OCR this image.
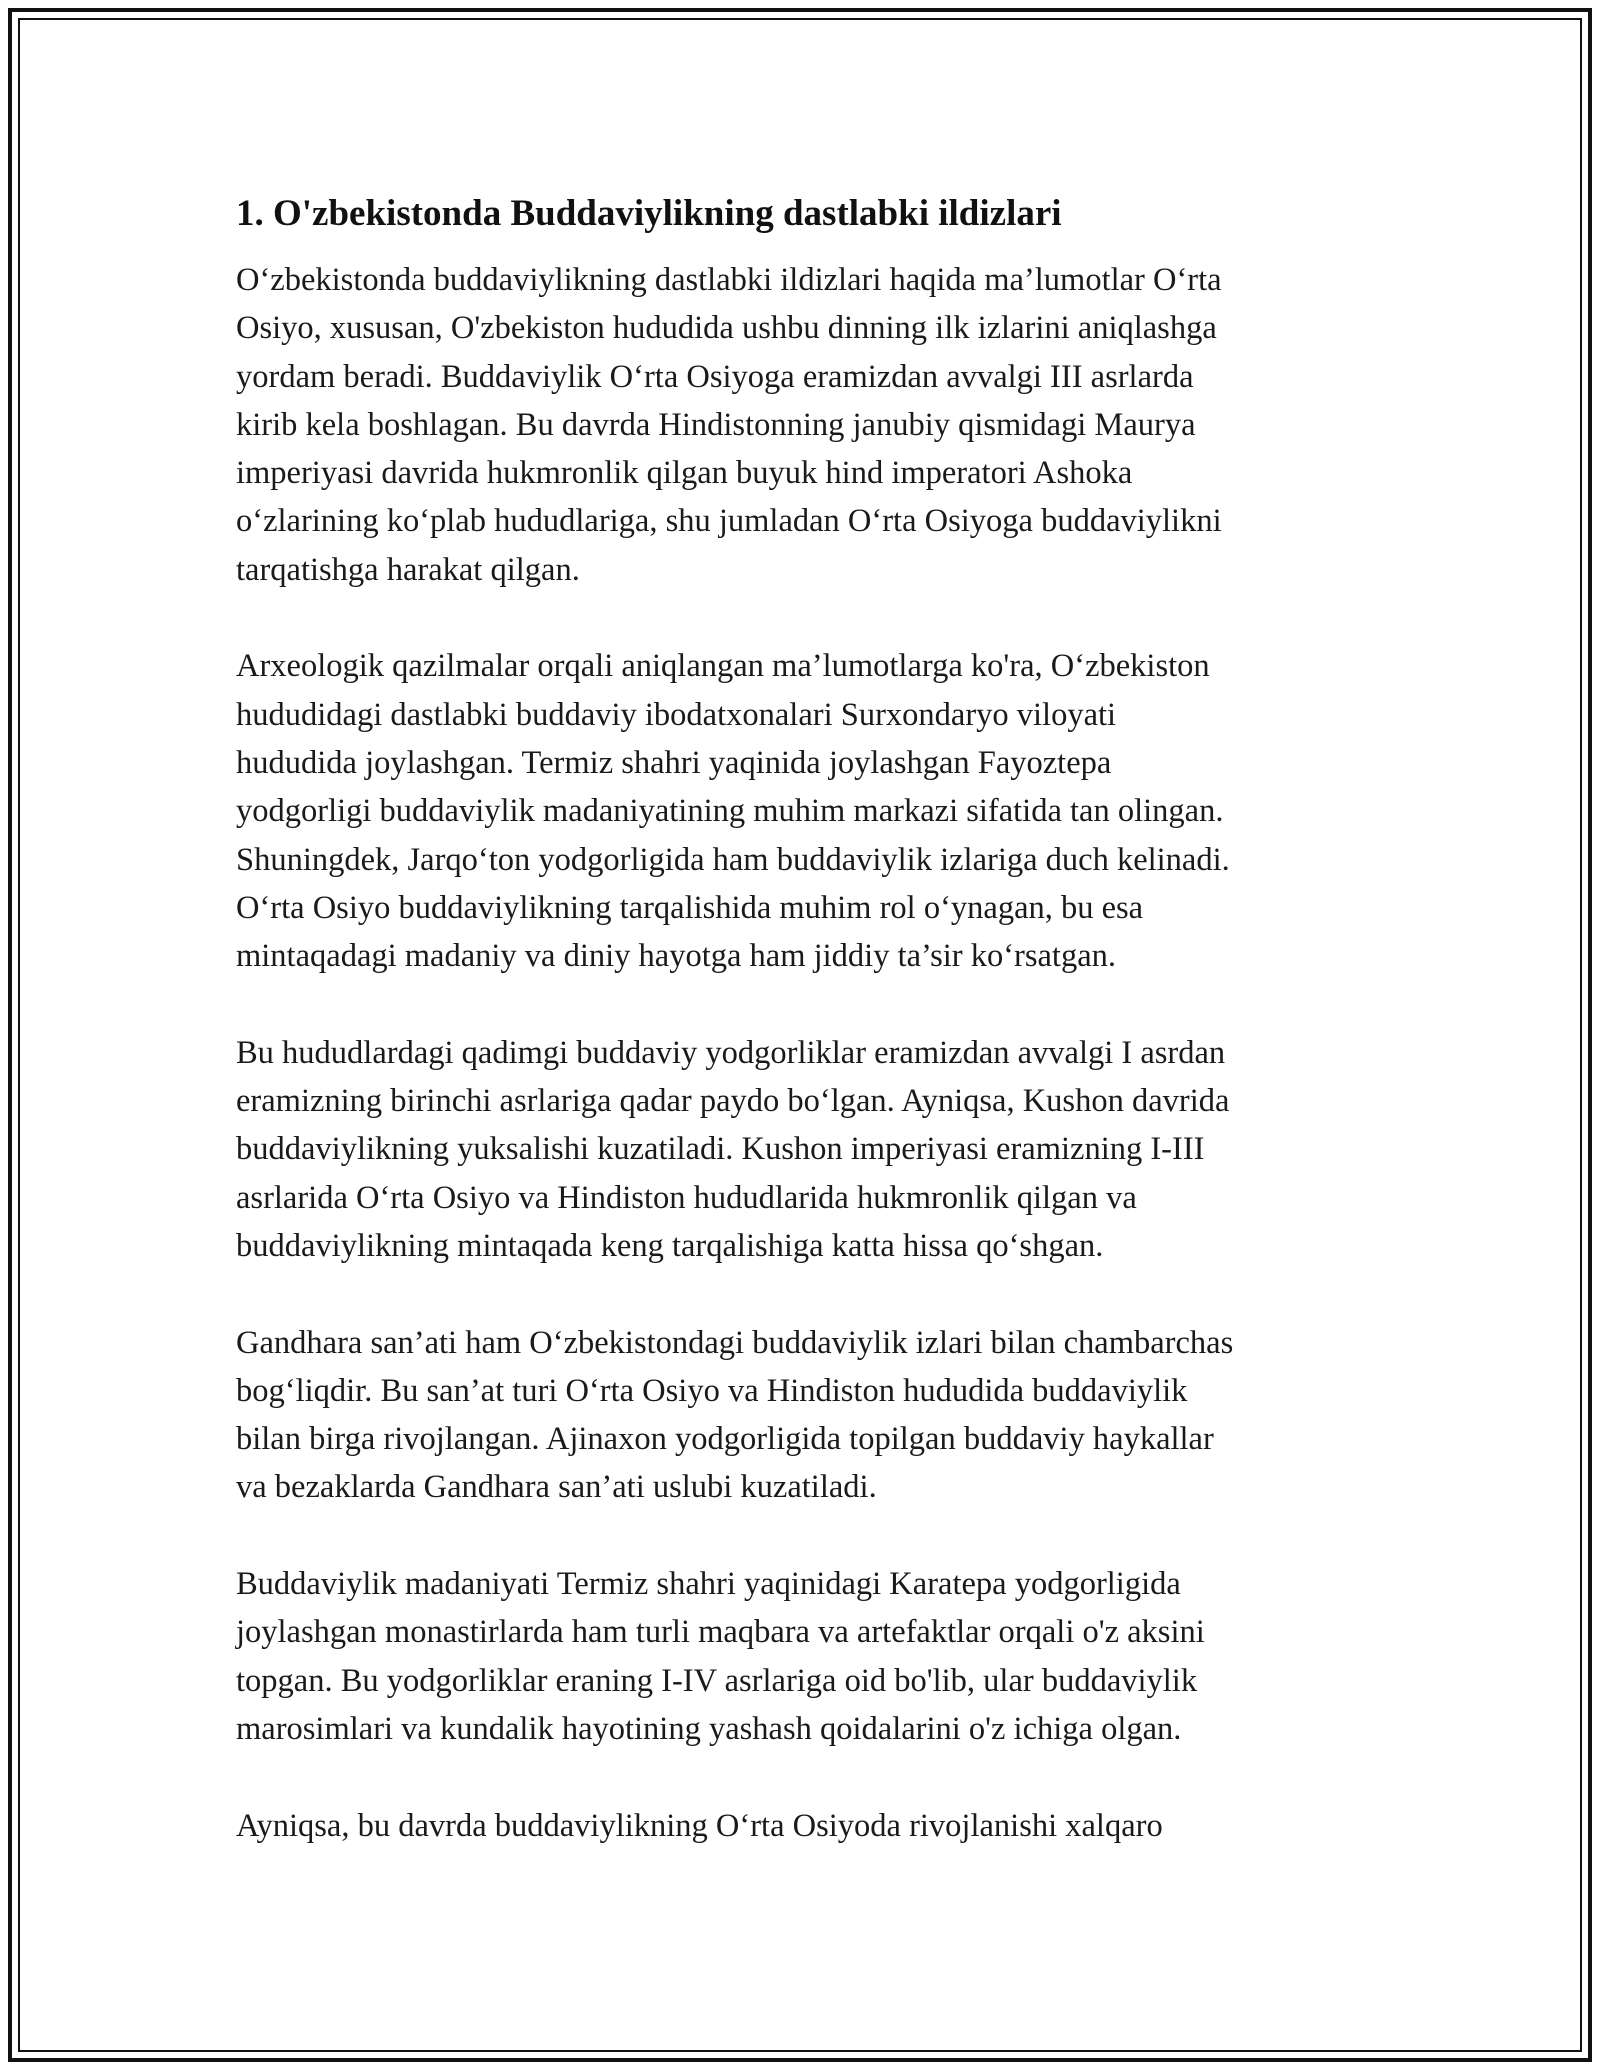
1. O'zbekistonda Buddaviylikning dastlabki ildizlari
O‘zbekistonda buddaviylikning dastlabki ildizlari haqida ma’lumotlar O‘rta
Osiyo, xususan, O'zbekiston hududida ushbu dinning ilk izlarini aniqlashga
yordam beradi. Buddaviylik O‘rta Osiyoga eramizdan avvalgi III asrlarda
kirib kela boshlagan. Bu davrda Hindistonning janubiy qismidagi Maurya
imperiyasi davrida hukmronlik qilgan buyuk hind imperatori Ashoka
o‘zlarining ko‘plab hududlariga, shu jumladan O‘rta Osiyoga buddaviylikni
tarqatishga harakat qilgan.
Arxeologik qazilmalar orqali aniqlangan ma’lumotlarga ko'ra, O‘zbekiston
hududidagi dastlabki buddaviy ibodatxonalari Surxondaryo viloyati
hududida joylashgan. Termiz shahri yaqinida joylashgan Fayoztepa
yodgorligi buddaviylik madaniyatining muhim markazi sifatida tan olingan.
Shuningdek, Jarqo‘ton yodgorligida ham buddaviylik izlariga duch kelinadi.
O‘rta Osiyo buddaviylikning tarqalishida muhim rol o‘ynagan, bu esa
mintaqadagi madaniy va diniy hayotga ham jiddiy ta’sir ko‘rsatgan.
Bu hududlardagi qadimgi buddaviy yodgorliklar eramizdan avvalgi I asrdan
eramizning birinchi asrlariga qadar paydo bo‘lgan. Ayniqsa, Kushon davrida
buddaviylikning yuksalishi kuzatiladi. Kushon imperiyasi eramizning I-III
asrlarida O‘rta Osiyo va Hindiston hududlarida hukmronlik qilgan va
buddaviylikning mintaqada keng tarqalishiga katta hissa qo‘shgan.
Gandhara san’ati ham O‘zbekistondagi buddaviylik izlari bilan chambarchas
bog‘liqdir. Bu san’at turi O‘rta Osiyo va Hindiston hududida buddaviylik
bilan birga rivojlangan. Ajinaxon yodgorligida topilgan buddaviy haykallar
va bezaklarda Gandhara san’ati uslubi kuzatiladi.
Buddaviylik madaniyati Termiz shahri yaqinidagi Karatepa yodgorligida
joylashgan monastirlarda ham turli maqbara va artefaktlar orqali o'z aksini
topgan. Bu yodgorliklar eraning I-IV asrlariga oid bo'lib, ular buddaviylik
marosimlari va kundalik hayotining yashash qoidalarini o'z ichiga olgan.
Ayniqsa, bu davrda buddaviylikning O‘rta Osiyoda rivojlanishi xalqaro
